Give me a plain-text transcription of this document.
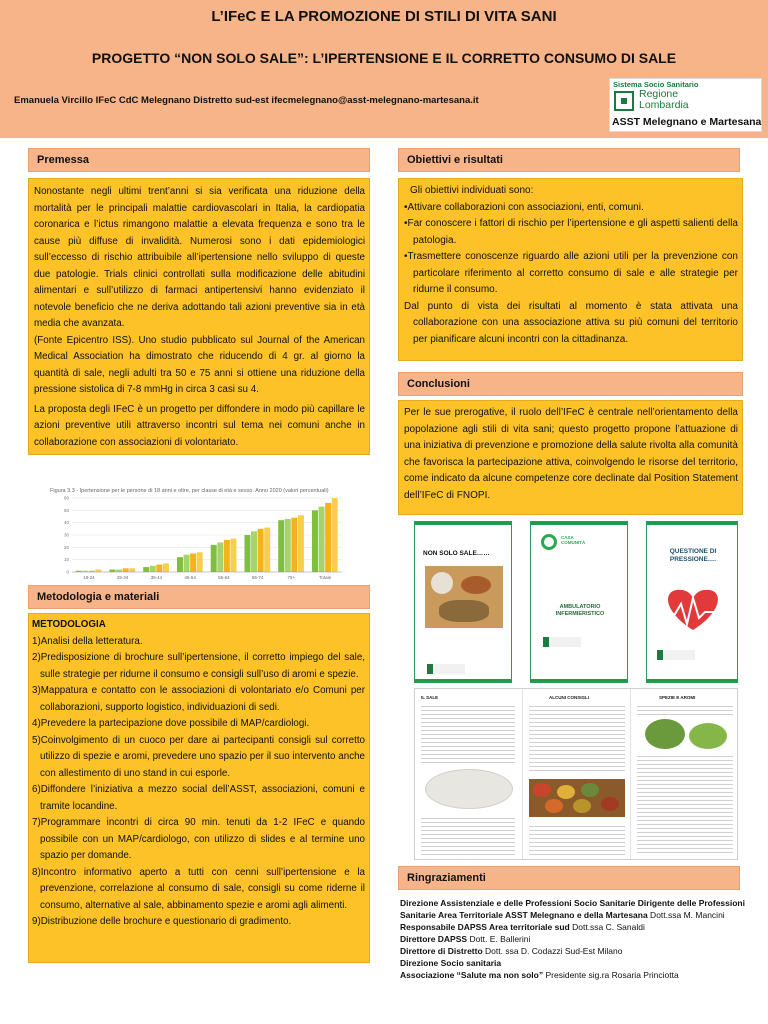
L’IFeC E LA PROMOZIONE DI STILI DI VITA SANI
PROGETTO “NON SOLO SALE”: L’IPERTENSIONE E IL CORRETTO CONSUMO DI SALE
Emanuela Vircillo IFeC CdC Melegnano Distretto sud-est ifecmelegnano@asst-melegnano-martesana.it
Sistema Socio Sanitario
Regione
Lombardia
ASST Melegnano e Martesana
Premessa

Nonostante negli ultimi trent’anni si sia verificata una riduzione della mortalità per le principali malattie cardiovascolari in Italia, la cardiopatia coronarica e l’ictus rimangono malattie a elevata frequenza e sono tra le cause più diffuse di invalidità. Numerosi sono i dati epidemiologici sull’eccesso di rischio attribuibile all’ipertensione nello sviluppo di queste due patologie. Trials clinici controllati sulla modificazione delle abitudini alimentari e sull’utilizzo di farmaci antipertensivi hanno evidenziato il notevole beneficio che ne deriva adottando tali azioni preventive sia in età media che avanzata.

(Fonte Epicentro ISS). Uno studio pubblicato sul Journal of the American Medical Association ha dimostrato che riducendo di 4 gr. al giorno la quantità di sale, negli adulti tra 50 e 75 anni si ottiene una riduzione della pressione sistolica di 7-8 mmHg in circa 3 casi su 4.

La proposta degli IFeC è un progetto per diffondere in modo più capillare le azioni preventive utili attraverso incontri sul tema nei comuni anche in collaborazione con associazioni di volontariato.

Figura 3.3 - Ipertensione per le persone di 18 anni e oltre, per classe di età e sesso. Anno 2020 (valori percentuali)
0
10
20
30
40
50
60
18-24	25-34	35-44	45-54	55-64	65-74	75+	Totale
Obiettivi e risultati

Gli obiettivi individuati sono:

•Attivare collaborazioni con associazioni, enti, comuni.

•Far conoscere i fattori di rischio per l’ipertensione e gli aspetti salienti della patologia.

•Trasmettere conoscenze riguardo alle azioni utili per la prevenzione con particolare riferimento al corretto consumo di sale e alle strategie per ridurne il consumo.

Dal punto di vista dei risultati al momento è stata attivata una collaborazione con una associazione attiva su più comuni del territorio per pianificare alcuni incontri con la cittadinanza.

Conclusioni

Per le sue prerogative, il ruolo dell’IFeC è centrale nell’orientamento della popolazione agli stili di vita sani; questo progetto propone l’attuazione di una iniziativa di prevenzione e promozione della salute rivolta alla comunità che favorisca la partecipazione attiva, coinvolgendo le risorse del territorio, come indicato da alcune competenze core declinate dal Position Statement dell’IFeC di FNOPI.

NON SOLO SALE……
CASA
COMUNITÀ
AMBULATORIO
INFERMIERISTICO
QUESTIONE DI
PRESSIONE….
IL SALE	ALCUNI CONSIGLI	SPEZIE E AROMI
Metodologia e materiali

METODOLOGIA

1)Analisi della letteratura.

2)Predisposizione di brochure sull’ipertensione, il corretto impiego del sale, sulle strategie per ridurne il consumo e consigli sull’uso di aromi e spezie.

3)Mappatura e contatto con le associazioni di volontariato e/o Comuni per collaborazioni, supporto logistico, individuazioni di sedi.

4)Prevedere la partecipazione dove possibile di MAP/cardiologi.

5)Coinvolgimento di un cuoco per dare ai partecipanti consigli sul corretto utilizzo di spezie e aromi, prevedere uno spazio per il suo intervento anche con allestimento di uno stand in cui esporle.

6)Diffondere l’iniziativa a mezzo social dell’ASST, associazioni, comuni e tramite locandine.

7)Programmare incontri di circa 90 min. tenuti da 1-2 IFeC e quando possibile con un MAP/cardiologo, con utilizzo di slides e al termine uno spazio per domande.

8)Incontro informativo aperto a tutti con cenni sull’ipertensione e la prevenzione, correlazione al consumo di sale, consigli su come riderne il consumo, alternative al sale, abbinamento spezie e aromi agli alimenti.

9)Distribuzione delle brochure e questionario di gradimento.

Ringraziamenti
Direzione Assistenziale e delle Professioni Socio Sanitarie Dirigente delle Professioni
Sanitarie Area Territoriale ASST Melegnano e della Martesana Dott.ssa M. Mancini
Responsabile DAPSS Area territoriale sud Dott.ssa C. Sanaldi
Direttore DAPSS Dott. E. Ballerini
Direttore di Distretto Dott. ssa D. Codazzi Sud-Est Milano
Direzione Socio sanitaria
Associazione “Salute ma non solo” Presidente sig.ra Rosaria Princiotta
